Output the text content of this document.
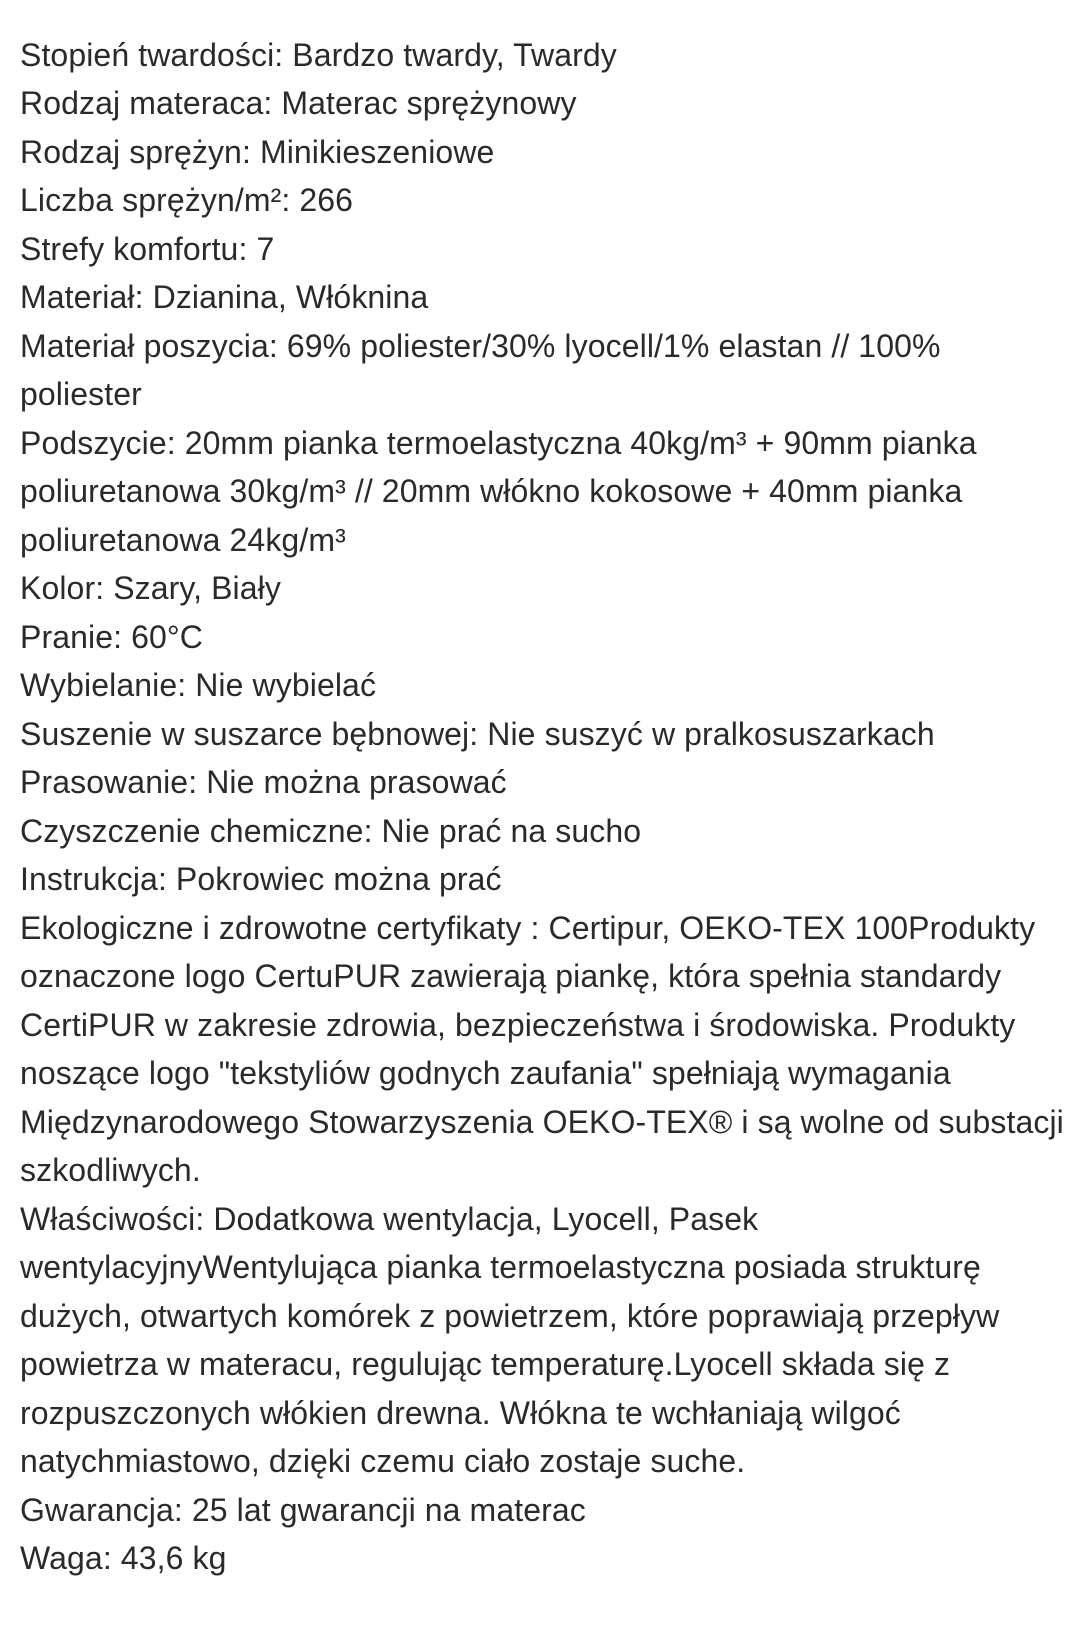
Stopień twardości: Bardzo twardy, Twardy

Rodzaj materaca: Materac sprężynowy

Rodzaj sprężyn: Minikieszeniowe

Liczba sprężyn/m²: 266

Strefy komfortu: 7

Materiał: Dzianina, Włóknina

Materiał poszycia: 69% poliester/30% lyocell/1% elastan // 100% poliester

Podszycie: 20mm pianka termoelastyczna 40kg/m³ + 90mm pianka poliuretanowa 30kg/m³ // 20mm włókno kokosowe + 40mm pianka poliuretanowa 24kg/m³

Kolor: Szary, Biały

Pranie: 60°C

Wybielanie: Nie wybielać

Suszenie w suszarce bębnowej: Nie suszyć w pralkosuszarkach

Prasowanie: Nie można prasować

Czyszczenie chemiczne: Nie prać na sucho

Instrukcja: Pokrowiec można prać

Ekologiczne i zdrowotne certyfikaty : Certipur, OEKO-TEX 100Produkty oznaczone logo CertuPUR zawierają piankę, która spełnia standardy CertiPUR w zakresie zdrowia, bezpieczeństwa i środowiska. Produkty noszące logo "tekstyliów godnych zaufania" spełniają wymagania Międzynarodowego Stowarzyszenia OEKO-TEX® i są wolne od substacji szkodliwych.

Właściwości: Dodatkowa wentylacja, Lyocell, Pasek wentylacyjnyWentylująca pianka termoelastyczna posiada strukturę dużych, otwartych komórek z powietrzem, które poprawiają przepływ powietrza w materacu, regulując temperaturę.Lyocell składa się z rozpuszczonych włókien drewna. Włókna te wchłaniają wilgoć natychmiastowo, dzięki czemu ciało zostaje suche.

Gwarancja: 25 lat gwarancji na materac

Waga: 43,6 kg
